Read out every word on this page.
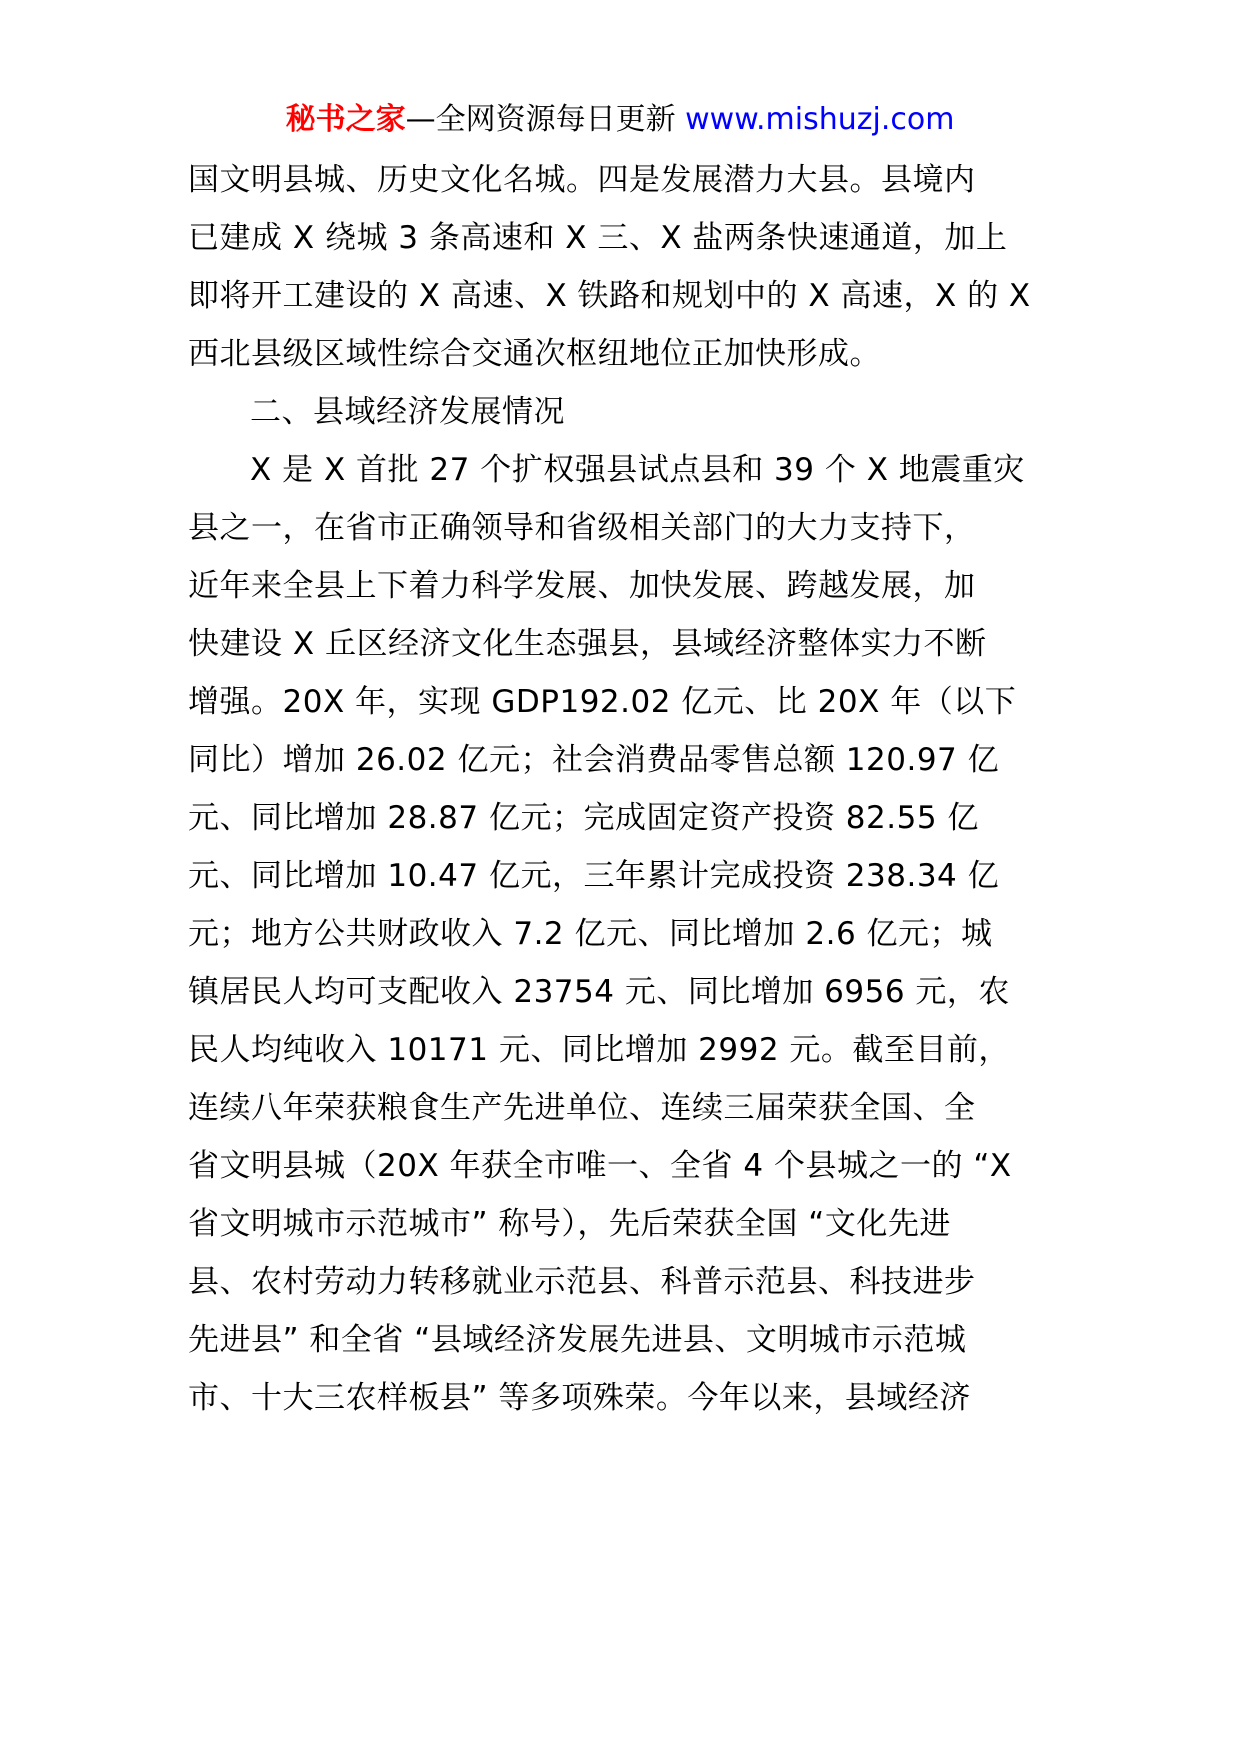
秘书之家—全网资源每日更新 www.mishuzj.com
国文明县城、历史文化名城。四是发展潜力大县。县境内
已建成 X 绕城 3 条高速和 X 三、X 盐两条快速通道，加上
即将开工建设的 X 高速、X 铁路和规划中的 X 高速，X 的 X
西北县级区域性综合交通次枢纽地位正加快形成。
二、县域经济发展情况
X 是 X 首批 27 个扩权强县试点县和 39 个 X 地震重灾
县之一，在省市正确领导和省级相关部门的大力支持下，
近年来全县上下着力科学发展、加快发展、跨越发展，加
快建设 X 丘区经济文化生态强县，县域经济整体实力不断
增强。20X 年，实现 GDP192.02 亿元、比 20X 年（以下
同比）增加 26.02 亿元；社会消费品零售总额 120.97 亿
元、同比增加 28.87 亿元；完成固定资产投资 82.55 亿
元、同比增加 10.47 亿元，三年累计完成投资 238.34 亿
元；地方公共财政收入 7.2 亿元、同比增加 2.6 亿元；城
镇居民人均可支配收入 23754 元、同比增加 6956 元，农
民人均纯收入 10171 元、同比增加 2992 元。截至目前，
连续八年荣获粮食生产先进单位、连续三届荣获全国、全
省文明县城（20X 年获全市唯一、全省 4 个县城之一的 “X
省文明城市示范城市” 称号），先后荣获全国 “文化先进
县、农村劳动力转移就业示范县、科普示范县、科技进步
先进县” 和全省 “县域经济发展先进县、文明城市示范城
市、十大三农样板县” 等多项殊荣。今年以来，县域经济
